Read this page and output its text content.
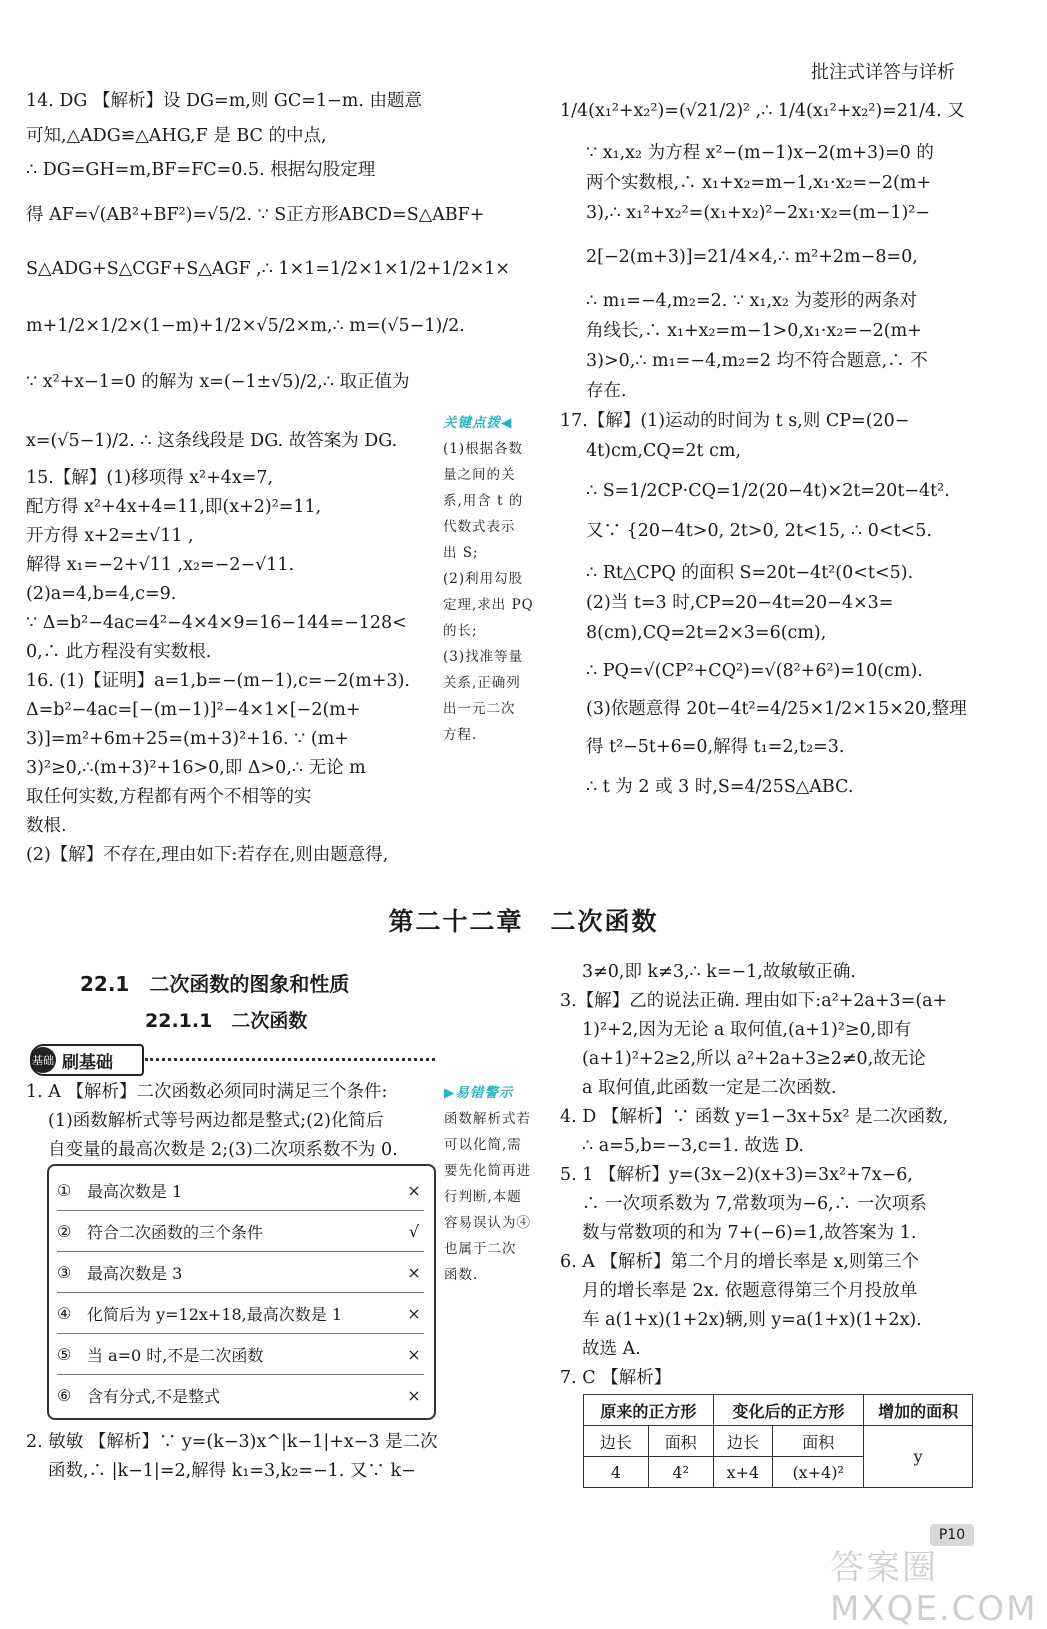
批注式详答与详析
14. DG 【解析】设 DG=m,则 GC=1−m. 由题意
可知,△ADG≌△AHG,F 是 BC 的中点,
∴ DG=GH=m,BF=FC=0.5. 根据勾股定理
得 AF=√(AB²+BF²)=√5/2. ∵ S正方形ABCD=S△ABF+
S△ADG+S△CGF+S△AGF ,∴ 1×1=1/2×1×1/2+1/2×1×
m+1/2×1/2×(1−m)+1/2×√5/2×m,∴ m=(√5−1)/2.
∵ x²+x−1=0 的解为 x=(−1±√5)/2,∴ 取正值为
x=(√5−1)/2. ∴ 这条线段是 DG. 故答案为 DG.
15.【解】(1)移项得 x²+4x=7,
配方得 x²+4x+4=11,即(x+2)²=11,
开方得 x+2=±√11 ,
解得 x₁=−2+√11 ,x₂=−2−√11.
(2)a=4,b=4,c=9.
∵ Δ=b²−4ac=4²−4×4×9=16−144=−128<
0,∴ 此方程没有实数根.
16. (1)【证明】a=1,b=−(m−1),c=−2(m+3).
Δ=b²−4ac=[−(m−1)]²−4×1×[−2(m+
3)]=m²+6m+25=(m+3)²+16. ∵ (m+
3)²≥0,∴(m+3)²+16>0,即 Δ>0,∴ 无论 m
取任何实数,方程都有两个不相等的实
数根.
(2)【解】不存在,理由如下:若存在,则由题意得,
关键点拨◀
(1)根据各数
量之间的关
系,用含 t 的
代数式表示
出 S;
(2)利用勾股
定理,求出 PQ
的长;
(3)找准等量
关系,正确列
出一元二次
方程.
1/4(x₁²+x₂²)=(√21/2)² ,∴ 1/4(x₁²+x₂²)=21/4. 又
∵ x₁,x₂ 为方程 x²−(m−1)x−2(m+3)=0 的
两个实数根,∴ x₁+x₂=m−1,x₁·x₂=−2(m+
3),∴ x₁²+x₂²=(x₁+x₂)²−2x₁·x₂=(m−1)²−
2[−2(m+3)]=21/4×4,∴ m²+2m−8=0,
∴ m₁=−4,m₂=2. ∵ x₁,x₂ 为菱形的两条对
角线长,∴ x₁+x₂=m−1>0,x₁·x₂=−2(m+
3)>0,∴ m₁=−4,m₂=2 均不符合题意,∴ 不
存在.
17.【解】(1)运动的时间为 t s,则 CP=(20−
4t)cm,CQ=2t cm,
∴ S=1/2CP·CQ=1/2(20−4t)×2t=20t−4t².
又∵ {20−4t>0, 2t>0, 2t<15, ∴ 0<t<5.
∴ Rt△CPQ 的面积 S=20t−4t²(0<t<5).
(2)当 t=3 时,CP=20−4t=20−4×3=
8(cm),CQ=2t=2×3=6(cm),
∴ PQ=√(CP²+CQ²)=√(8²+6²)=10(cm).
(3)依题意得 20t−4t²=4/25×1/2×15×20,整理
得 t²−5t+6=0,解得 t₁=2,t₂=3.
∴ t 为 2 或 3 时,S=4/25S△ABC.
第二十二章　二次函数
22.1　二次函数的图象和性质
22.1.1　二次函数
基础 刷基础
1. A 【解析】二次函数必须同时满足三个条件:
(1)函数解析式等号两边都是整式;(2)化简后
自变量的最高次数是 2;(3)二次项系数不为 0.
▶易错警示
函数解析式若
可以化简,需
要先化简再进
行判断,本题
容易误认为④
也属于二次
函数.
① 最高次数是 1	×
② 符合二次函数的三个条件	√
③ 最高次数是 3	×
④ 化简后为 y=12x+18,最高次数是 1	×
⑤ 当 a=0 时,不是二次函数	×
⑥ 含有分式,不是整式	×
2. 敏敏 【解析】∵ y=(k−3)x^|k−1|+x−3 是二次
函数,∴ |k−1|=2,解得 k₁=3,k₂=−1. 又∵ k−
3≠0,即 k≠3,∴ k=−1,故敏敏正确.
3.【解】乙的说法正确. 理由如下:a²+2a+3=(a+
1)²+2,因为无论 a 取何值,(a+1)²≥0,即有
(a+1)²+2≥2,所以 a²+2a+3≥2≠0,故无论
a 取何值,此函数一定是二次函数.
4. D 【解析】∵ 函数 y=1−3x+5x² 是二次函数,
∴ a=5,b=−3,c=1. 故选 D.
5. 1 【解析】y=(3x−2)(x+3)=3x²+7x−6,
∴ 一次项系数为 7,常数项为−6,∴ 一次项系
数与常数项的和为 7+(−6)=1,故答案为 1.
6. A 【解析】第二个月的增长率是 x,则第三个
月的增长率是 2x. 依题意得第三个月投放单
车 a(1+x)(1+2x)辆,则 y=a(1+x)(1+2x).
故选 A.
7. C 【解析】
原来的正方形		变化后的正方形		增加的面积
边长	面积	边长	面积	y
4	4²	x+4	(x+4)²	
答案圈 MXQE.COM
P10
